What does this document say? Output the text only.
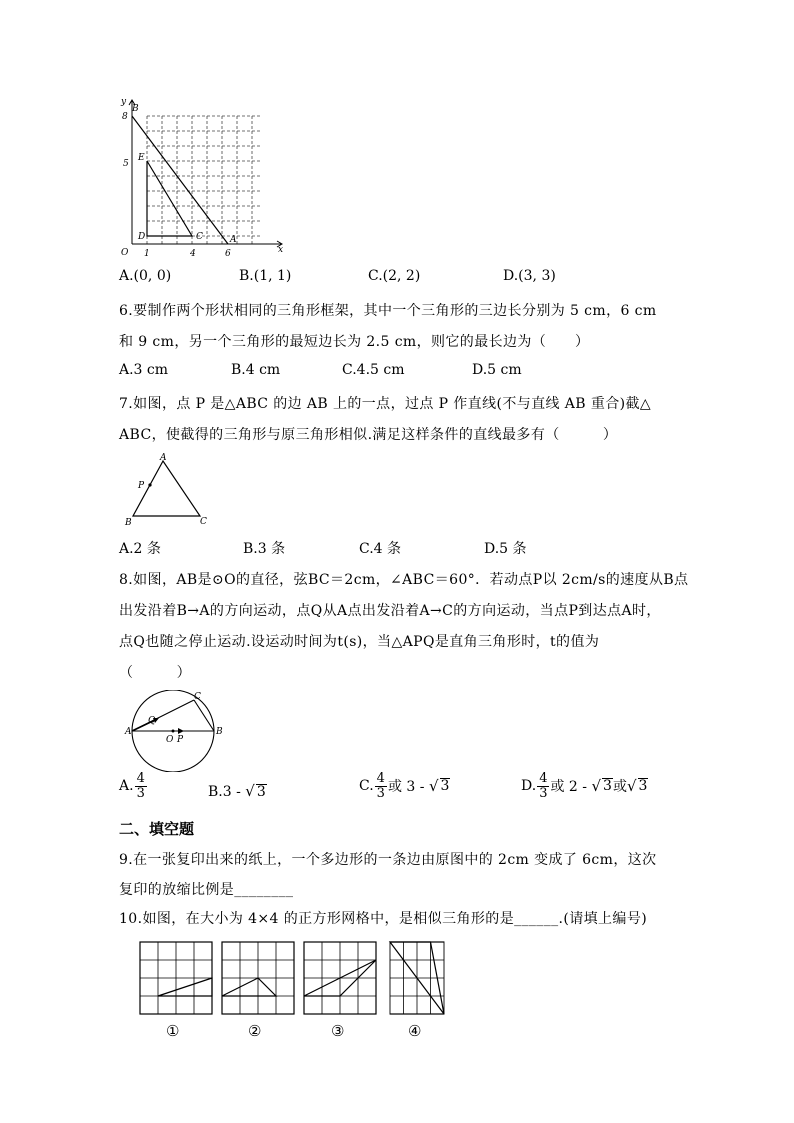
y
B
E
8
5
D	C	A
O 1	4	6	x
A.(0, 0)	B.(1, 1)	C.(2, 2)	D.(3, 3)
6.要制作两个形状相同的三角形框架，其中一个三角形的三边长分别为 5 cm，6 cm
和 9 cm，另一个三角形的最短边长为 2.5 cm，则它的最长边为（　　）
A.3 cm	B.4 cm	C.4.5 cm	D.5 cm
7.如图，点 P 是△ABC 的边 AB 上的一点，过点 P 作直线(不与直线 AB 重合)截△
ABC，使截得的三角形与原三角形相似.满足这样条件的直线最多有（　　　）
A
P
B	C
A.2 条	B.3 条	C.4 条	D.5 条
8.如图，AB是⊙O的直径，弦BC＝2cm，∠ABC＝60°．若动点P以 2cm/s的速度从B点
出发沿着B→A的方向运动，点Q从A点出发沿着A→C的方向运动，当点P到达点A时，
点Q也随之停止运动.设运动时间为t(s)，当△APQ是直角三角形时，t的值为
（　　　）
C
Q
A
O P
B
A. $\frac{4}{3}$	B.3 - √ 3	C. $\frac{4}{3}$ 或 3 - √ 3	D. $\frac{4}{3}$ 或 2 - √ 3或√ 3
二、填空题
9.在一张复印出来的纸上，一个多边形的一条边由原图中的 2cm 变成了 6cm，这次
复印的放缩比例是________
10.如图，在大小为 4×4 的正方形网格中，是相似三角形的是______.(请填上编号)
①	②	③	④
